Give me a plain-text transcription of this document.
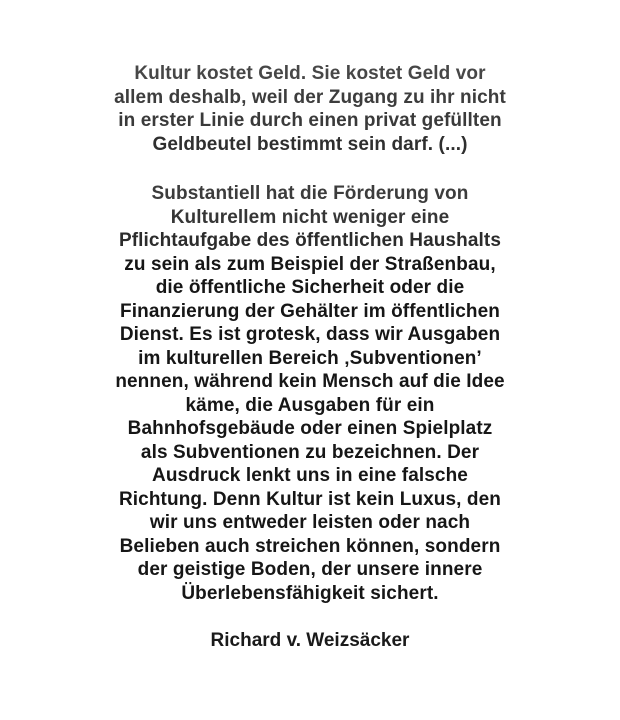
Kultur kostet Geld. Sie kostet Geld vor
allem deshalb, weil der Zugang zu ihr nicht
in erster Linie durch einen privat gefüllten
Geldbeutel bestimmt sein darf. (...)
Substantiell hat die Förderung von
Kulturellem nicht weniger eine
Pflichtaufgabe des öffentlichen Haushalts
zu sein als zum Beispiel der Straßenbau,
die öffentliche Sicherheit oder die
Finanzierung der Gehälter im öffentlichen
Dienst. Es ist grotesk, dass wir Ausgaben
im kulturellen Bereich ‚Subventionen’
nennen, während kein Mensch auf die Idee
käme, die Ausgaben für ein
Bahnhofsgebäude oder einen Spielplatz
als Subventionen zu bezeichnen. Der
Ausdruck lenkt uns in eine falsche
Richtung. Denn Kultur ist kein Luxus, den
wir uns entweder leisten oder nach
Belieben auch streichen können, sondern
der geistige Boden, der unsere innere
Überlebensfähigkeit sichert.
Richard v. Weizsäcker
